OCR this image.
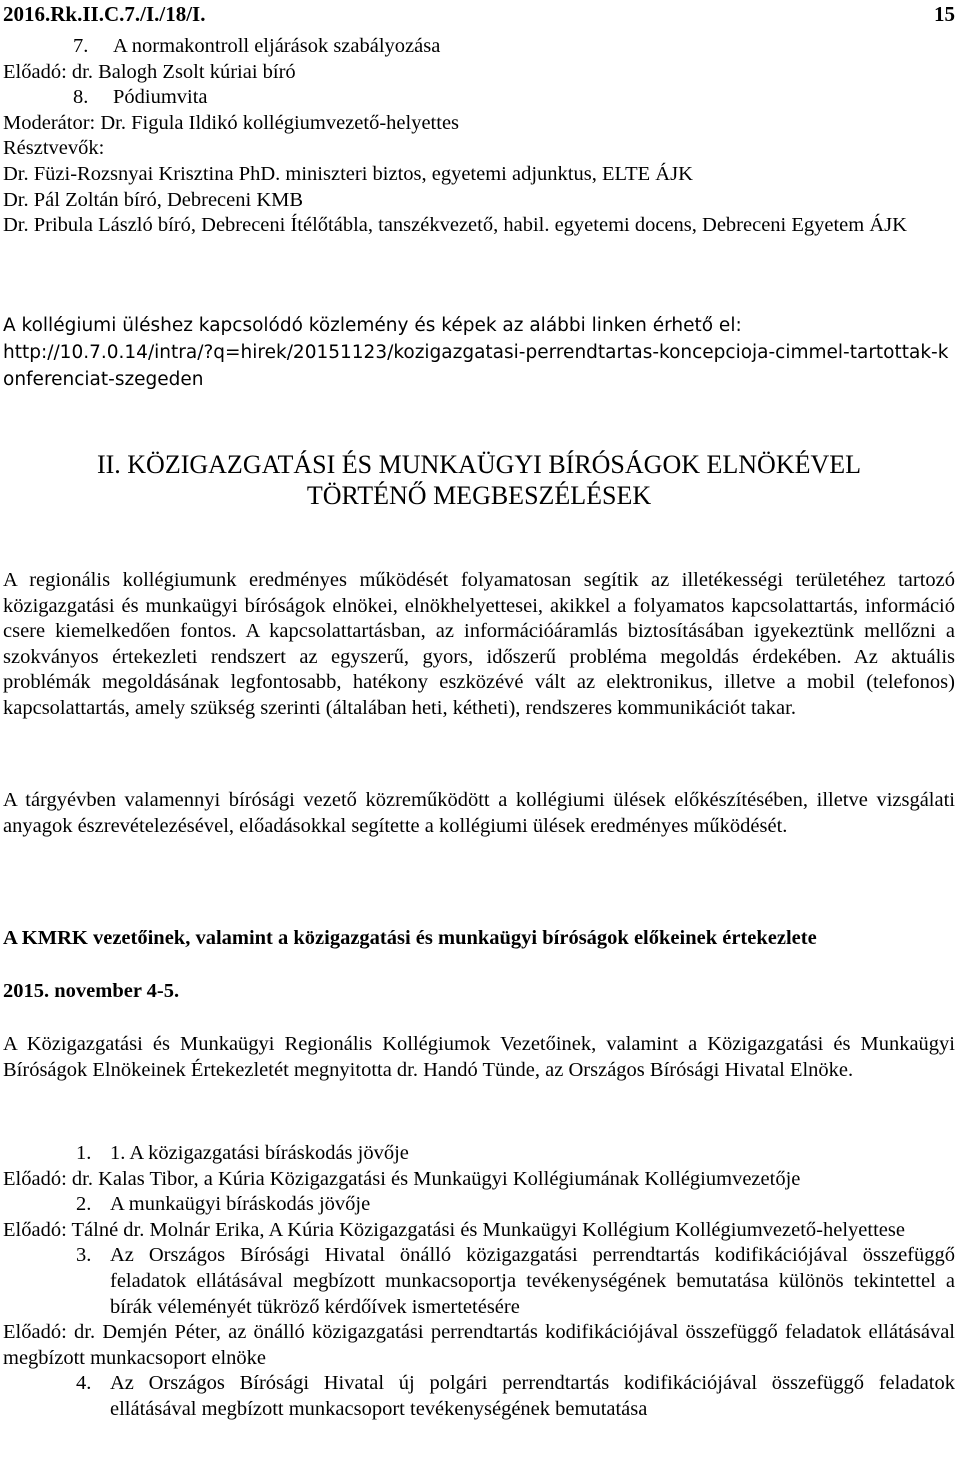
2016.Rk.II.C.7./I./18/I.	15
7. A normakontroll eljárások szabályozása
Előadó: dr. Balogh Zsolt kúriai bíró
8. Pódiumvita
Moderátor: Dr. Figula Ildikó kollégiumvezető-helyettes
Résztvevők:
Dr. Füzi-Rozsnyai Krisztina PhD. miniszteri biztos, egyetemi adjunktus, ELTE ÁJK
Dr. Pál Zoltán bíró, Debreceni KMB
Dr. Pribula László bíró, Debreceni Ítélőtábla, tanszékvezető, habil. egyetemi docens, Debreceni Egyetem ÁJK
A kollégiumi üléshez kapcsolódó közlemény és képek az alábbi linken érhető el:
http://10.7.0.14/intra/?q=hirek/20151123/kozigazgatasi-perrendtartas-koncepcioja-cimmel-tartottak-konferenciat-szegeden
II. KÖZIGAZGATÁSI ÉS MUNKAÜGYI BÍRÓSÁGOK ELNÖKÉVEL
TÖRTÉNŐ MEGBESZÉLÉSEK
A regionális kollégiumunk eredményes működését folyamatosan segítik az illetékességi területéhez tartozó közigazgatási és munkaügyi bíróságok elnökei, elnökhelyettesei, akikkel a folyamatos kapcsolattartás, információ csere kiemelkedően fontos. A kapcsolattartásban, az információáramlás biztosításában igyekeztünk mellőzni a szokványos értekezleti rendszert az egyszerű, gyors, időszerű probléma megoldás érdekében. Az aktuális problémák megoldásának legfontosabb, hatékony eszközévé vált az elektronikus, illetve a mobil (telefonos) kapcsolattartás, amely szükség szerinti (általában heti, kétheti), rendszeres kommunikációt takar.
A tárgyévben valamennyi bírósági vezető közreműködött a kollégiumi ülések előkészítésében, illetve vizsgálati anyagok észrevételezésével, előadásokkal segítette a kollégiumi ülések eredményes működését.
A KMRK vezetőinek, valamint a közigazgatási és munkaügyi bíróságok előkeinek értekezlete
2015. november 4-5.
A Közigazgatási és Munkaügyi Regionális Kollégiumok Vezetőinek, valamint a Közigazgatási és Munkaügyi Bíróságok Elnökeinek Értekezletét megnyitotta dr. Handó Tünde, az Országos Bírósági Hivatal Elnöke.
1. 1. A közigazgatási bíráskodás jövője
Előadó: dr. Kalas Tibor, a Kúria Közigazgatási és Munkaügyi Kollégiumának Kollégiumvezetője
2. A munkaügyi bíráskodás jövője
Előadó: Tálné dr. Molnár Erika, A Kúria Közigazgatási és Munkaügyi Kollégium Kollégiumvezető-helyettese
3. Az Országos Bírósági Hivatal önálló közigazgatási perrendtartás kodifikációjával összefüggő feladatok ellátásával megbízott munkacsoportja tevékenységének bemutatása különös tekintettel a bírák véleményét tükröző kérdőívek ismertetésére
Előadó: dr. Demjén Péter, az önálló közigazgatási perrendtartás kodifikációjával összefüggő feladatok ellátásával megbízott munkacsoport elnöke
4. Az Országos Bírósági Hivatal új polgári perrendtartás kodifikációjával összefüggő feladatok ellátásával megbízott munkacsoport tevékenységének bemutatása
